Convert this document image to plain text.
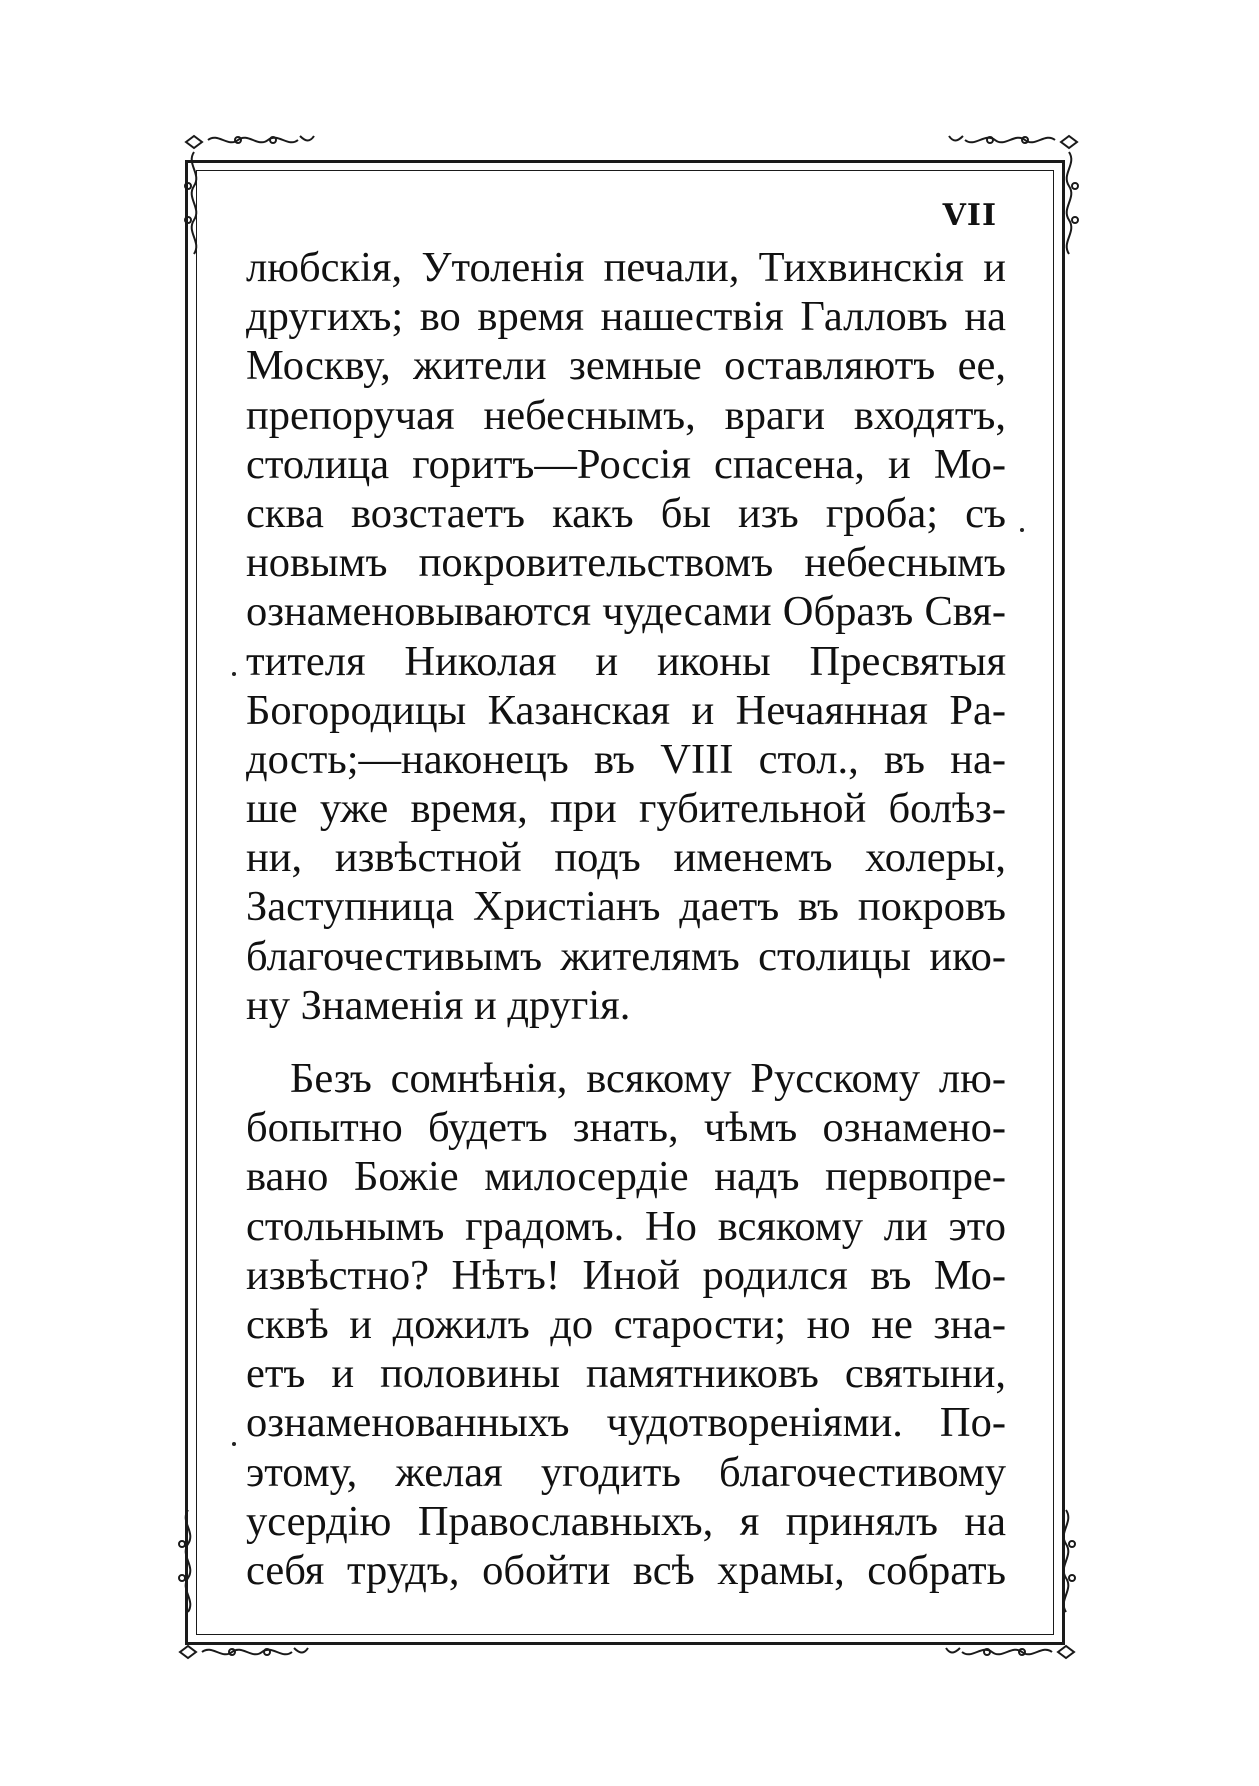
VII
любскія, Утоленія печали, Тихвинскія и
другихъ; во время нашествія Галловъ на
Москву, жители земные оставляютъ ее,
препоручая небеснымъ, враги входятъ,
столица горитъ—Россія спасена, и Мо-
сква возстаетъ какъ бы изъ гроба; съ
новымъ покровительствомъ небеснымъ
ознаменовываются чудесами Образъ Свя-
тителя Николая и иконы Пресвятыя
Богородицы Казанская и Нечаянная Ра-
дость;—наконецъ въ VIII стол., въ на-
ше уже время, при губительной болѣз-
ни, извѣстной подъ именемъ холеры,
Заступница Христіанъ даетъ въ покровъ
благочестивымъ жителямъ столицы ико-
ну Знаменія и другія.
Безъ сомнѣнія, всякому Русскому лю-
бопытно будетъ знать, чѣмъ ознамено-
вано Божіе милосердіе надъ первопре-
стольнымъ градомъ. Но всякому ли это
извѣстно? Нѣтъ! Иной родился въ Мо-
сквѣ и дожилъ до старости; но не зна-
етъ и половины памятниковъ святыни,
ознаменованныхъ чудотвореніями. По-
этому, желая угодить благочестивому
усердію Православныхъ, я принялъ на
себя трудъ, обойти всѣ храмы, собрать
